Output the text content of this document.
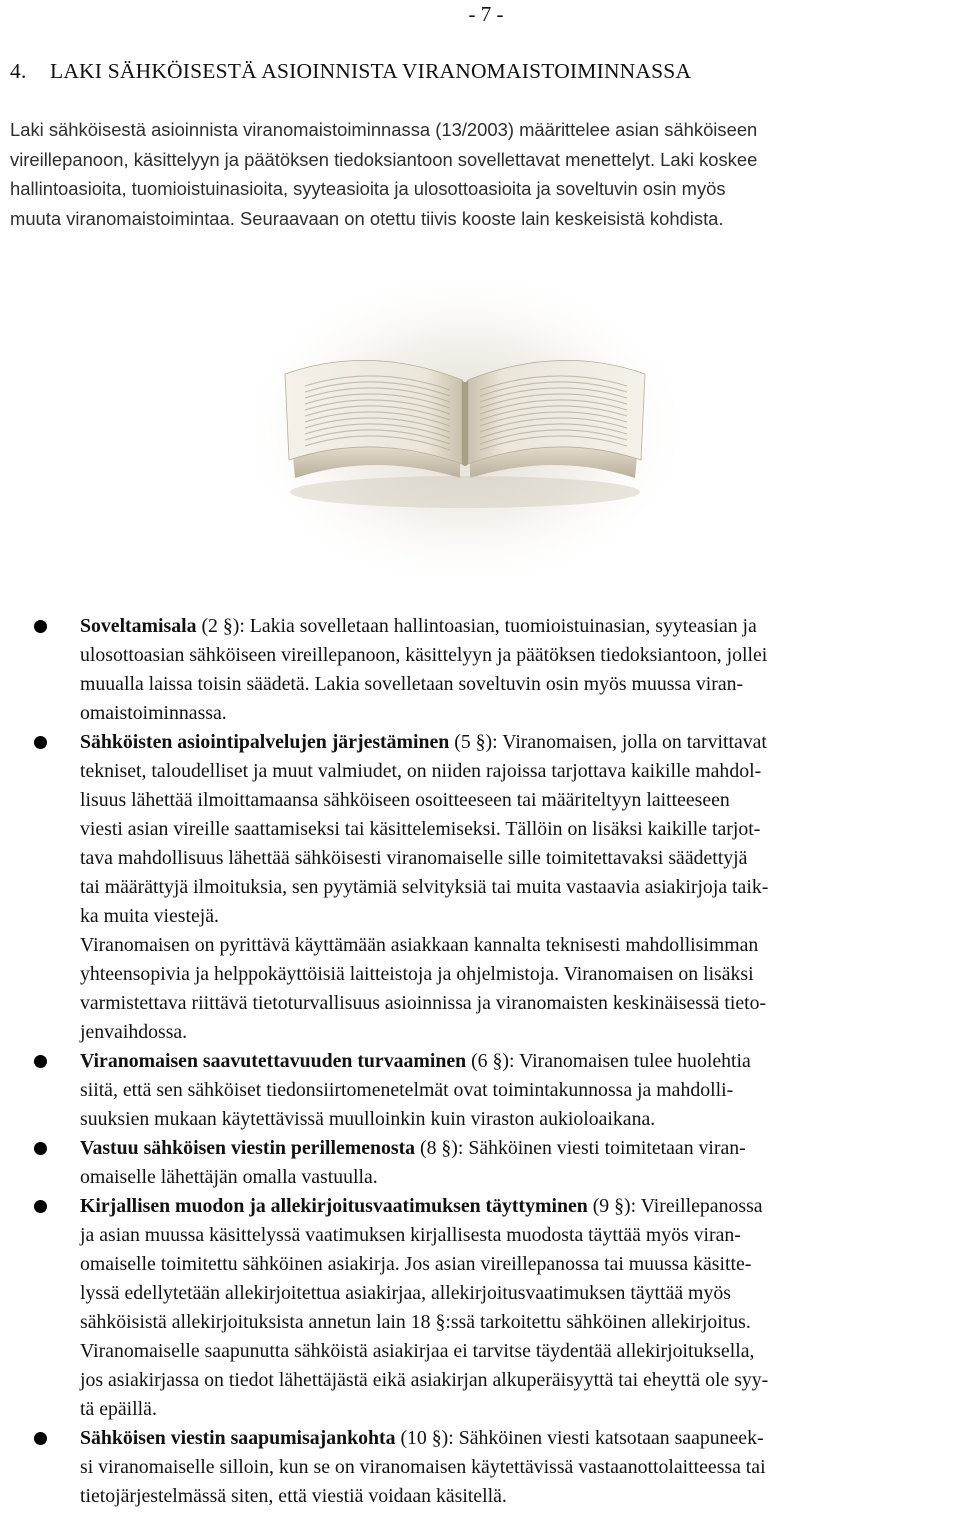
- 7 -
4. LAKI SÄHKÖISESTÄ ASIOINNISTA VIRANOMAISTOIMINNASSA

Laki sähköisestä asioinnista viranomaistoiminnassa (13/2003) määrittelee asian sähköiseen
vireillepanoon, käsittelyyn ja päätöksen tiedoksiantoon sovellettavat menettelyt. Laki koskee
hallintoasioita, tuomioistuinasioita, syyteasioita ja ulosottoasioita ja soveltuvin osin myös
muuta viranomaistoimintaa. Seuraavaan on otettu tiivis kooste lain keskeisistä kohdista.

Soveltamisala (2 §): Lakia sovelletaan hallintoasian, tuomioistuinasian, syyteasian ja
ulosottoasian sähköiseen vireillepanoon, käsittelyyn ja päätöksen tiedoksiantoon, jollei
muualla laissa toisin säädetä. Lakia sovelletaan soveltuvin osin myös muussa viran-
omaistoiminnassa.

Sähköisten asiointipalvelujen järjestäminen (5 §): Viranomaisen, jolla on tarvittavat
tekniset, taloudelliset ja muut valmiudet, on niiden rajoissa tarjottava kaikille mahdol-
lisuus lähettää ilmoittamaansa sähköiseen osoitteeseen tai määriteltyyn laitteeseen
viesti asian vireille saattamiseksi tai käsittelemiseksi. Tällöin on lisäksi kaikille tarjot-
tava mahdollisuus lähettää sähköisesti viranomaiselle sille toimitettavaksi säädettyjä
tai määrättyjä ilmoituksia, sen pyytämiä selvityksiä tai muita vastaavia asiakirjoja taik-
ka muita viestejä.
Viranomaisen on pyrittävä käyttämään asiakkaan kannalta teknisesti mahdollisimman
yhteensopivia ja helppokäyttöisiä laitteistoja ja ohjelmistoja. Viranomaisen on lisäksi
varmistettava riittävä tietoturvallisuus asioinnissa ja viranomaisten keskinäisessä tieto-
jenvaihdossa.

Viranomaisen saavutettavuuden turvaaminen (6 §): Viranomaisen tulee huolehtia
siitä, että sen sähköiset tiedonsiirtomenetelmät ovat toimintakunnossa ja mahdolli-
suuksien mukaan käytettävissä muulloinkin kuin viraston aukioloaikana.

Vastuu sähköisen viestin perillemenosta (8 §): Sähköinen viesti toimitetaan viran-
omaiselle lähettäjän omalla vastuulla.

Kirjallisen muodon ja allekirjoitusvaatimuksen täyttyminen (9 §): Vireillepanossa
ja asian muussa käsittelyssä vaatimuksen kirjallisesta muodosta täyttää myös viran-
omaiselle toimitettu sähköinen asiakirja. Jos asian vireillepanossa tai muussa käsitte-
lyssä edellytetään allekirjoitettua asiakirjaa, allekirjoitusvaatimuksen täyttää myös
sähköisistä allekirjoituksista annetun lain 18 §:ssä tarkoitettu sähköinen allekirjoitus.
Viranomaiselle saapunutta sähköistä asiakirjaa ei tarvitse täydentää allekirjoituksella,
jos asiakirjassa on tiedot lähettäjästä eikä asiakirjan alkuperäisyyttä tai eheyttä ole syy-
tä epäillä.

Sähköisen viestin saapumisajankohta (10 §): Sähköinen viesti katsotaan saapuneek-
si viranomaiselle silloin, kun se on viranomaisen käytettävissä vastaanottolaitteessa tai
tietojärjestelmässä siten, että viestiä voidaan käsitellä.
